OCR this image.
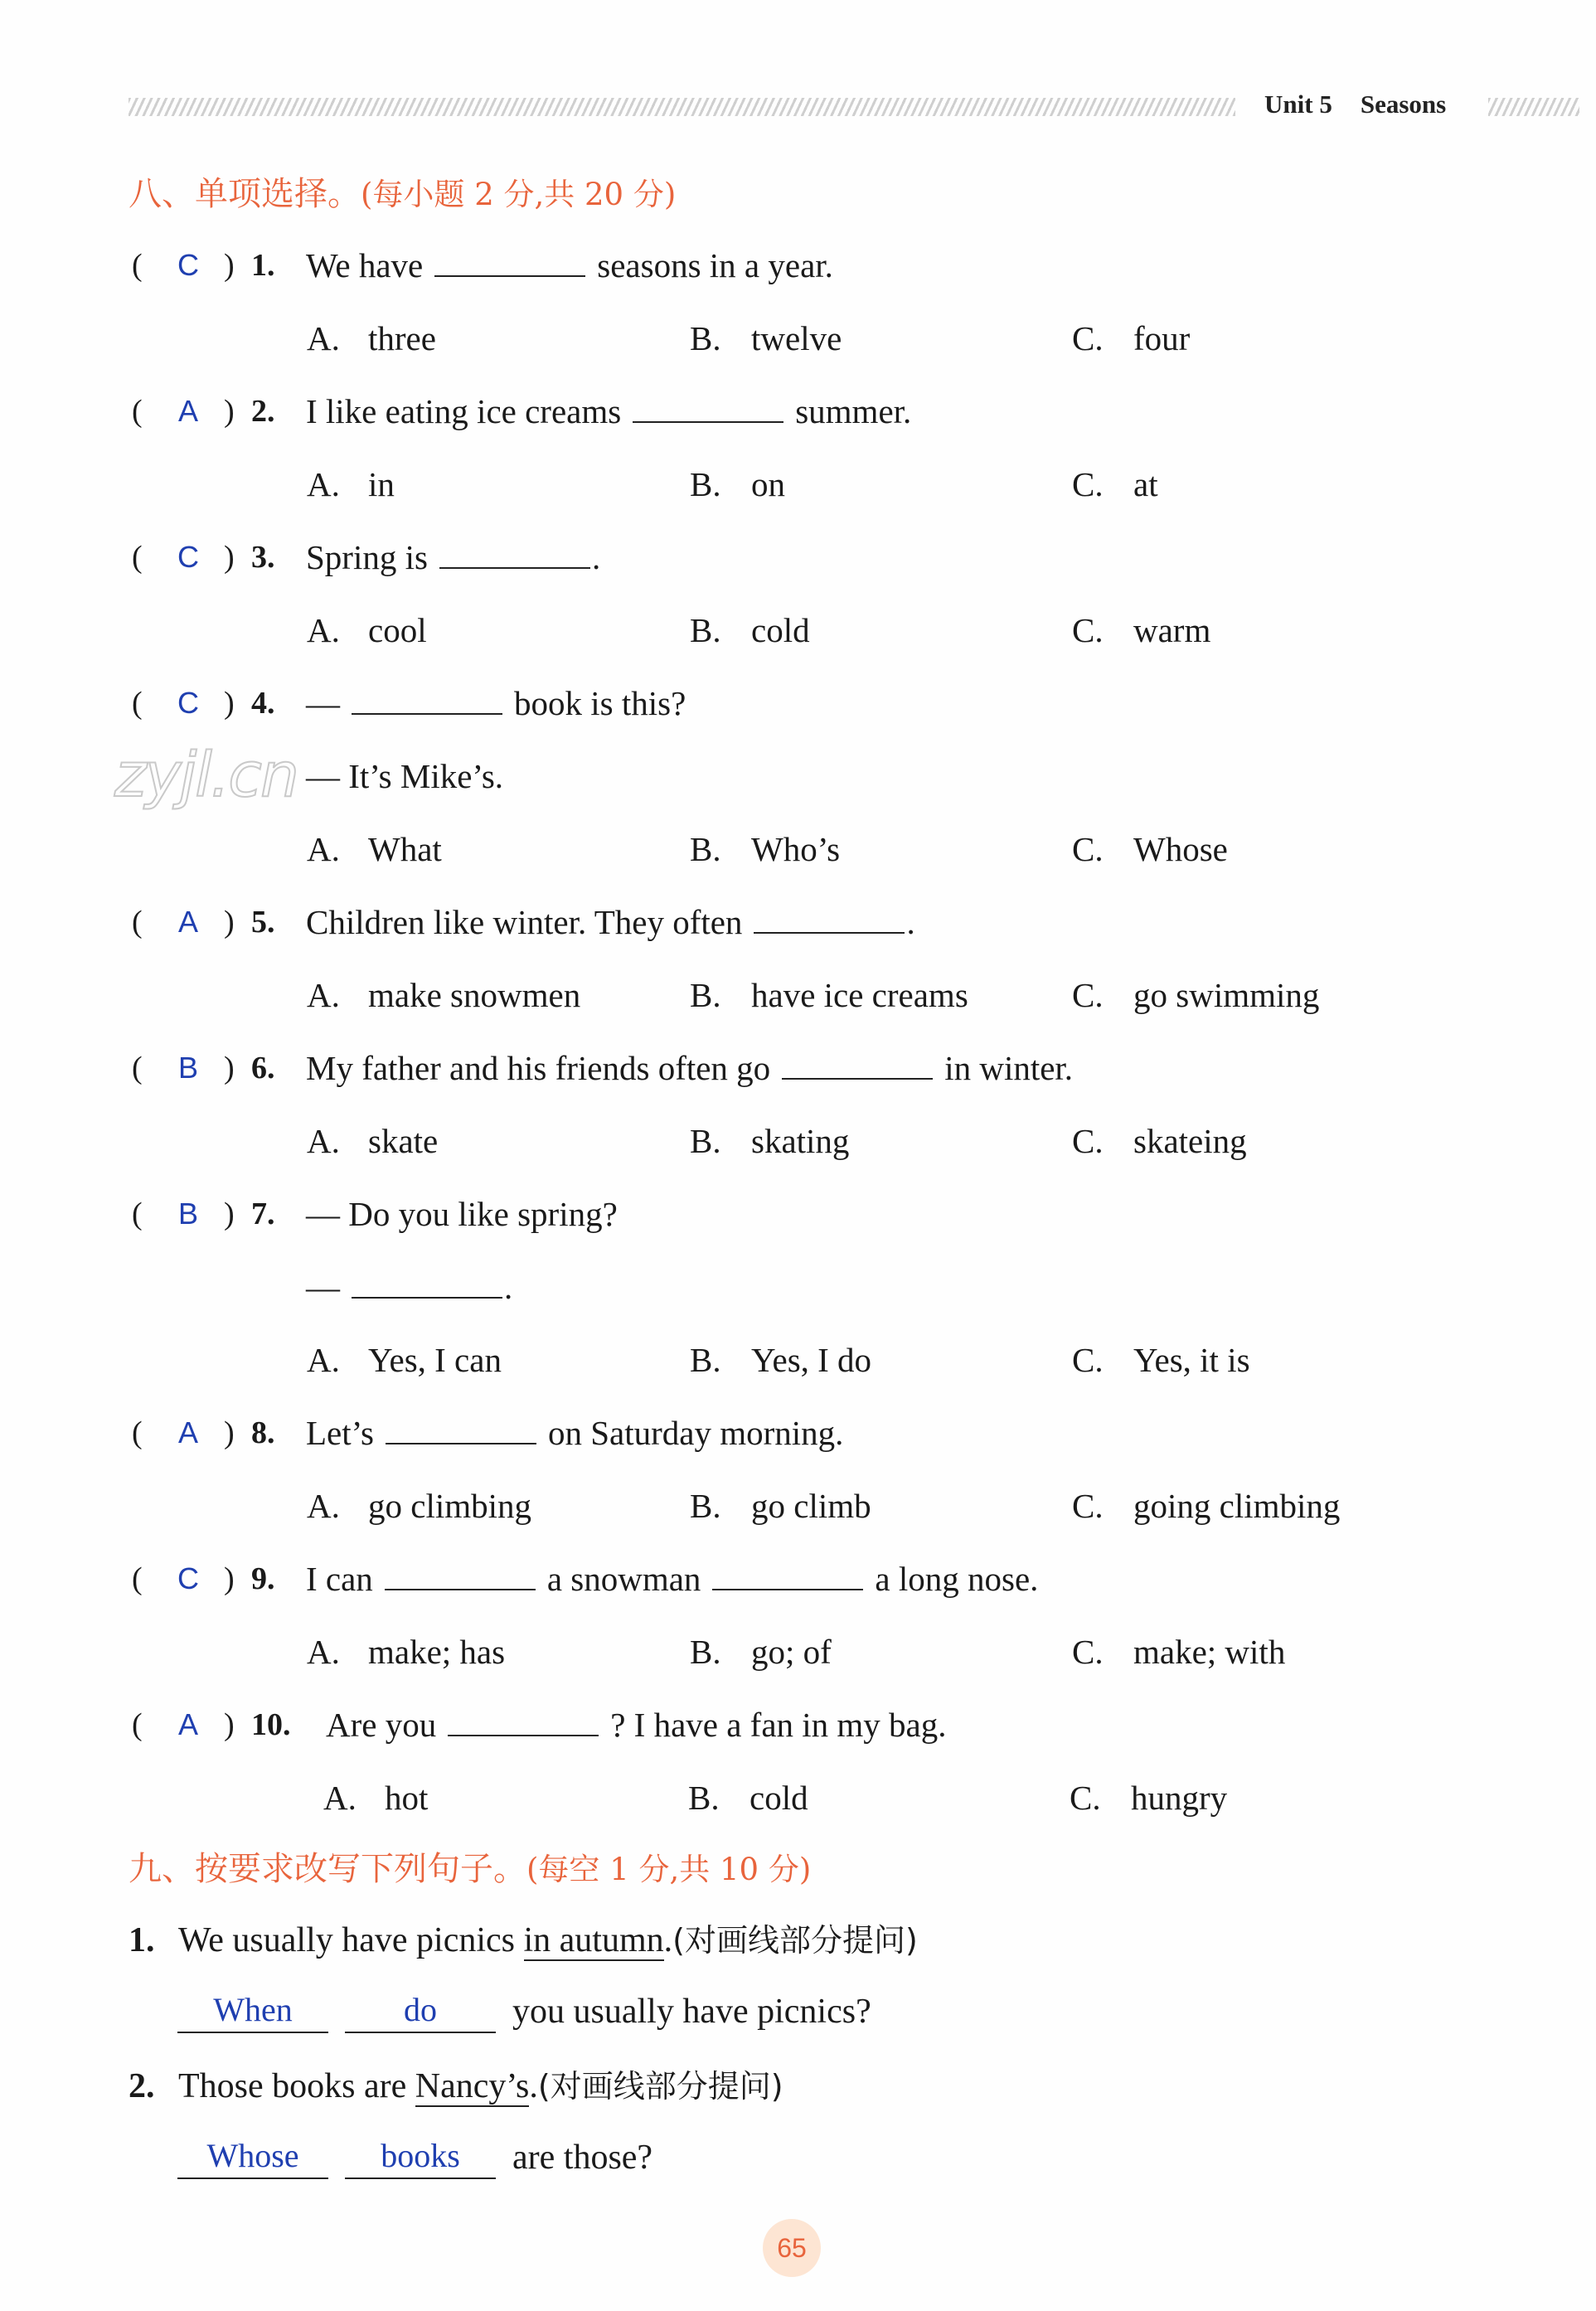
Unit 5 Seasons
八、单项选择。(每小题 2 分,共 20 分)
(	C ) 1. We have	seasons in a year.
A. three	B. twelve	C. four
(	A ) 2. I like eating ice creams	summer.
A. in	B. on	C. at
(	C ) 3. Spring is	.
A. cool	B. cold	C. warm
(	C ) 4. —	book is this?
zyjl.cn — It’s Mike’s.
A. What	B. Who’s	C. Whose
(	A ) 5. Children like winter. They often	.
A. make snowmen	B. have ice creams	C. go swimming
(	B ) 6. My father and his friends often go	in winter.
A. skate	B. skating	C. skateing
(	B ) 7. — Do you like spring?
—	.
A. Yes, I can	B. Yes, I do	C. Yes, it is
(	A ) 8. Let’s	on Saturday morning.
A. go climbing	B. go climb	C. going climbing
(	C ) 9. I can	a snowman	a long nose.
A. make; has	B. go; of	C. make; with
(	A ) 10. Are you	? I have a fan in my bag.
A. hot	B. cold	C. hungry
九、按要求改写下列句子。(每空 1 分,共 10 分)
1. We usually have picnics in autumn.(对画线部分提问)
When	do	you usually have picnics?
2. Those books are Nancy’s.(对画线部分提问)
Whose	books	are those?
65
